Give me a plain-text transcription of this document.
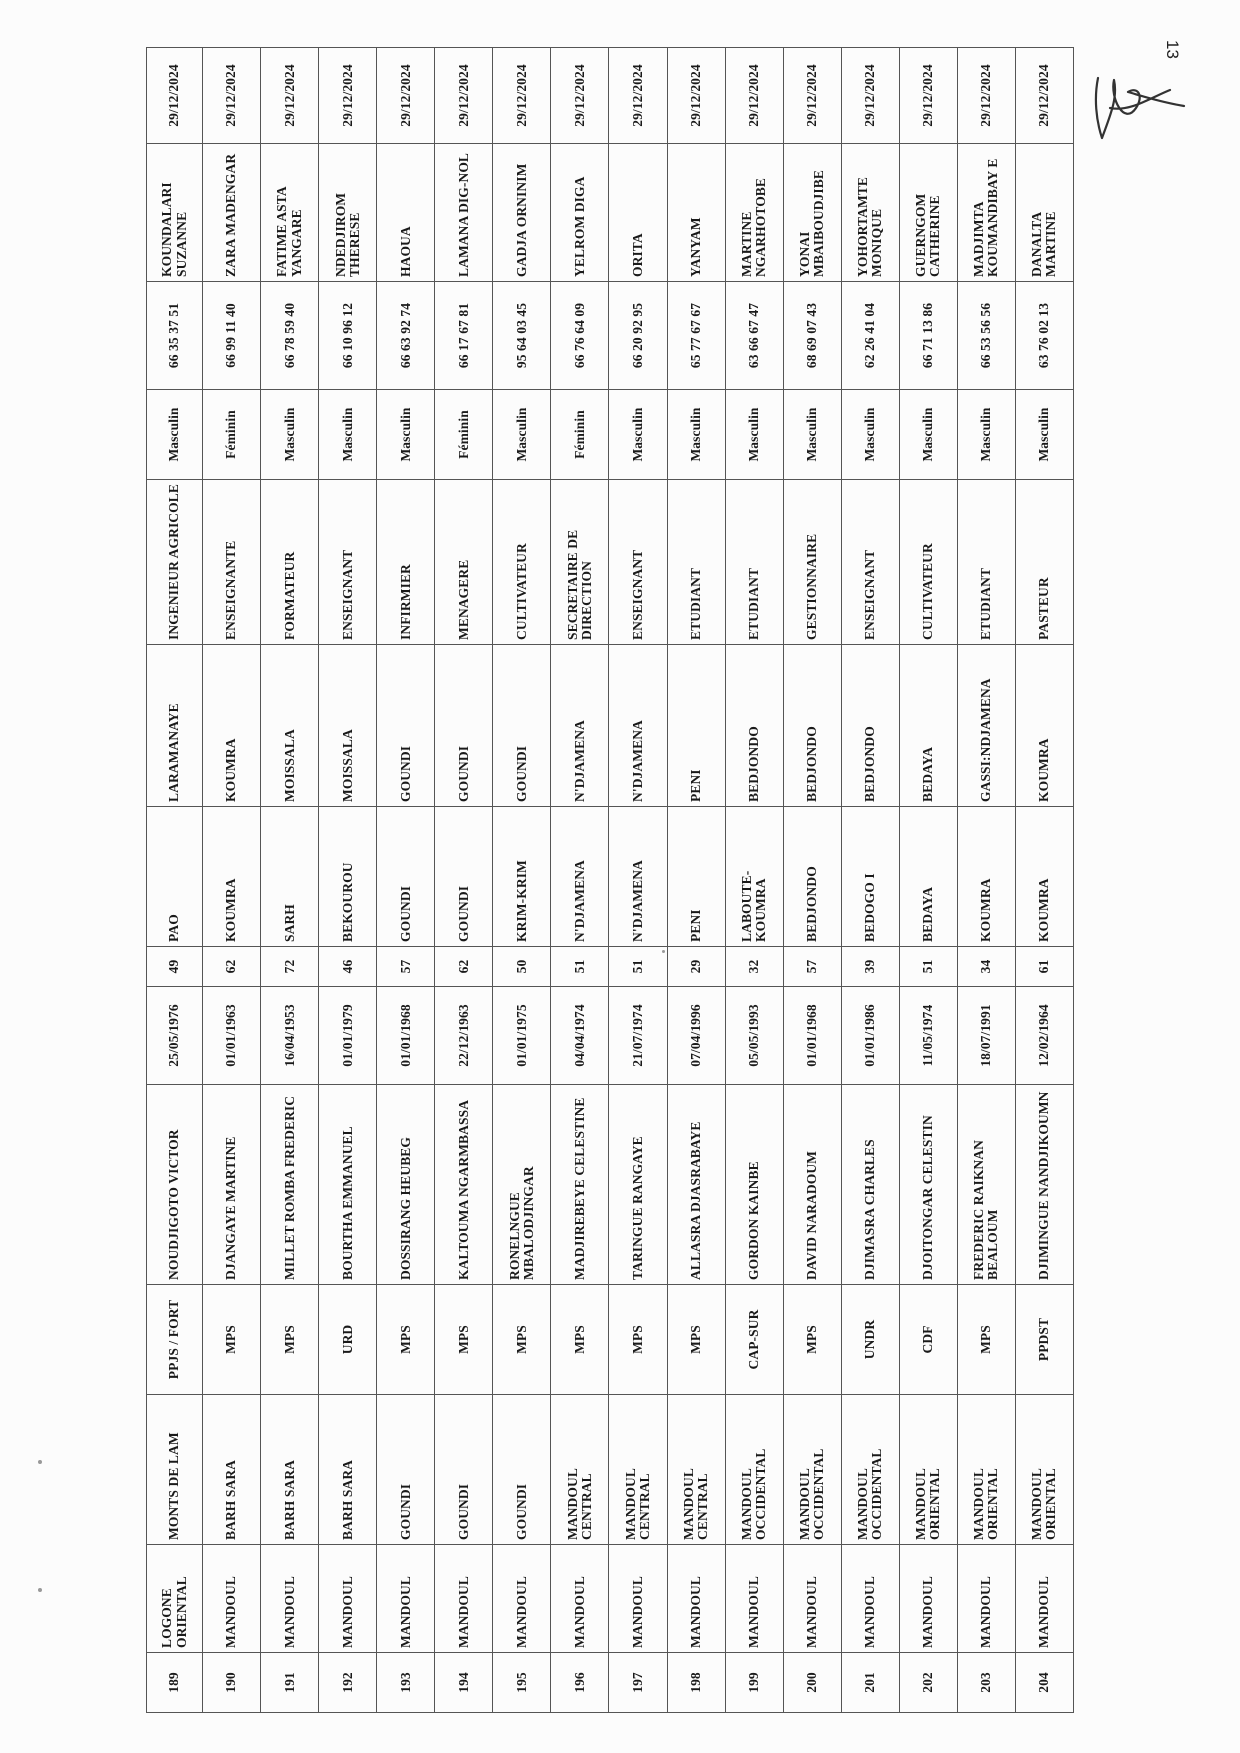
13
189	LOGONE ORIENTAL	MONTS DE LAM	PPJS / FORT	NOUDJIGOTO VICTOR	25/05/1976	49	PAO	LARAMANAYE	INGENIEUR AGRICOLE	Masculin	66 35 37 51	KOUNDALARI SUZANNE	29/12/2024
190	MANDOUL	BARH SARA	MPS	DJANGAYE MARTINE	01/01/1963	62	KOUMRA	KOUMRA	ENSEIGNANTE	Féminin	66 99 11 40	ZARA MADENGAR	29/12/2024
191	MANDOUL	BARH SARA	MPS	MILLET ROMBA FREDERIC	16/04/1953	72	SARH	MOISSALA	FORMATEUR	Masculin	66 78 59 40	FATIME ASTA YANGARE	29/12/2024
192	MANDOUL	BARH SARA	URD	BOURTHA EMMANUEL	01/01/1979	46	BEKOUROU	MOISSALA	ENSEIGNANT	Masculin	66 10 96 12	NDEDJIROM THERESE	29/12/2024
193	MANDOUL	GOUNDI	MPS	DOSSIRANG HEUBEG	01/01/1968	57	GOUNDI	GOUNDI	INFIRMIER	Masculin	66 63 92 74	HAOUA	29/12/2024
194	MANDOUL	GOUNDI	MPS	KALTOUMA NGARMBASSA	22/12/1963	62	GOUNDI	GOUNDI	MENAGERE	Féminin	66 17 67 81	LAMANA DIG-NOL	29/12/2024
195	MANDOUL	GOUNDI	MPS	RONELNGUE MBALODJINGAR	01/01/1975	50	KRIM-KRIM	GOUNDI	CULTIVATEUR	Masculin	95 64 03 45	GADJA ORNINIM	29/12/2024
196	MANDOUL	MANDOUL CENTRAL	MPS	MADJIREBEYE CELESTINE	04/04/1974	51	N'DJAMENA	N'DJAMENA	SECRETAIRE DE DIRECTION	Féminin	66 76 64 09	YELROM DIGA	29/12/2024
197	MANDOUL	MANDOUL CENTRAL	MPS	TARINGUE RANGAYE	21/07/1974	51	N'DJAMENA	N'DJAMENA	ENSEIGNANT	Masculin	66 20 92 95	ORITA	29/12/2024
198	MANDOUL	MANDOUL CENTRAL	MPS	ALLASRA DJASRABAYE	07/04/1996	29	PENI	PENI	ETUDIANT	Masculin	65 77 67 67	YANYAM	29/12/2024
199	MANDOUL	MANDOUL OCCIDENTAL	CAP-SUR	GORDON KAINBE	05/05/1993	32	LABOUTE-KOUMRA	BEDJONDO	ETUDIANT	Masculin	63 66 67 47	MARTINE NGARHOTOBE	29/12/2024
200	MANDOUL	MANDOUL OCCIDENTAL	MPS	DAVID NARADOUM	01/01/1968	57	BEDJONDO	BEDJONDO	GESTIONNAIRE	Masculin	68 69 07 43	YONAI MBAIBOUDJIBE	29/12/2024
201	MANDOUL	MANDOUL OCCIDENTAL	UNDR	DJIMASRA CHARLES	01/01/1986	39	BEDOGO I	BEDJONDO	ENSEIGNANT	Masculin	62 26 41 04	YOHORTAMTE MONIQUE	29/12/2024
202	MANDOUL	MANDOUL ORIENTAL	CDF	DJOITONGAR CELESTIN	11/05/1974	51	BEDAYA	BEDAYA	CULTIVATEUR	Masculin	66 71 13 86	GUERNGOM CATHERINE	29/12/2024
203	MANDOUL	MANDOUL ORIENTAL	MPS	FREDERIC RAIKNAN BEALOUM	18/07/1991	34	KOUMRA	GASSI:NDJAMENA	ETUDIANT	Masculin	66 53 56 56	MADJIMTA KOUMANDIBAY E	29/12/2024
204	MANDOUL	MANDOUL ORIENTAL	PPDST	DJIMINGUE NANDJIKOUMN	12/02/1964	61	KOUMRA	KOUMRA	PASTEUR	Masculin	63 76 02 13	DANALTA MARTINE	29/12/2024
